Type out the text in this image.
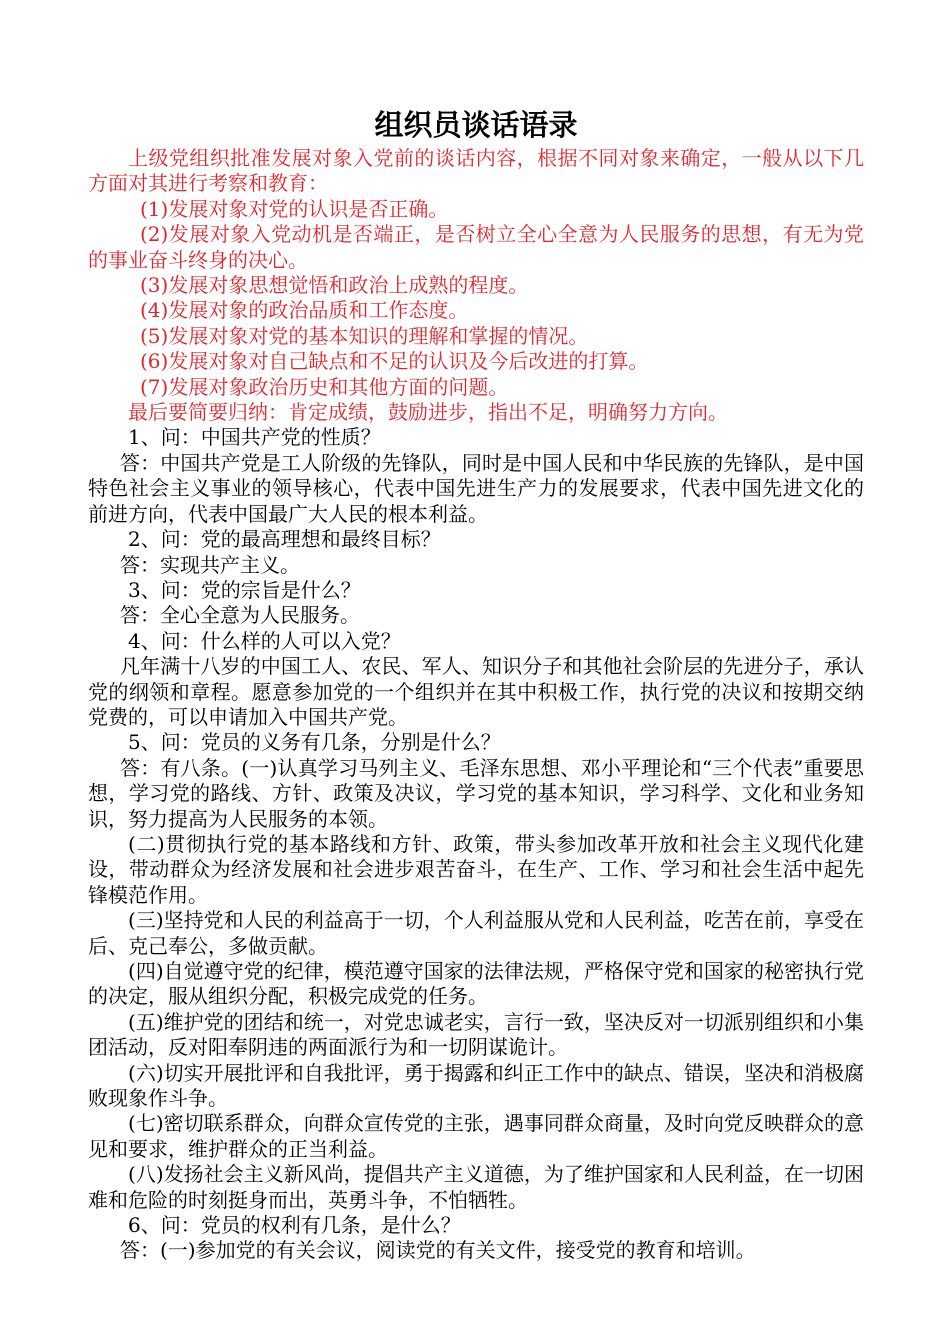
组织员谈话语录

上级党组织批准发展对象入党前的谈话内容，根据不同对象来确定，一般从以下几方面对其进行考察和教育：

(1)发展对象对党的认识是否正确。

(2)发展对象入党动机是否端正，是否树立全心全意为人民服务的思想，有无为党的事业奋斗终身的决心。

(3)发展对象思想觉悟和政治上成熟的程度。

(4)发展对象的政治品质和工作态度。

(5)发展对象对党的基本知识的理解和掌握的情况。

(6)发展对象对自己缺点和不足的认识及今后改进的打算。

(7)发展对象政治历史和其他方面的问题。

最后要简要归纳：肯定成绩，鼓励进步，指出不足，明确努力方向。

1、问：中国共产党的性质？

答：中国共产党是工人阶级的先锋队，同时是中国人民和中华民族的先锋队，是中国特色社会主义事业的领导核心，代表中国先进生产力的发展要求，代表中国先进文化的前进方向，代表中国最广大人民的根本利益。

2、问：党的最高理想和最终目标？

答：实现共产主义。

3、问：党的宗旨是什么？

答：全心全意为人民服务。

4、问：什么样的人可以入党？

凡年满十八岁的中国工人、农民、军人、知识分子和其他社会阶层的先进分子，承认党的纲领和章程。愿意参加党的一个组织并在其中积极工作，执行党的决议和按期交纳党费的，可以申请加入中国共产党。

5、问：党员的义务有几条，分别是什么？

答：有八条。(一)认真学习马列主义、毛泽东思想、邓小平理论和“三个代表”重要思想，学习党的路线、方针、政策及决议，学习党的基本知识，学习科学、文化和业务知识，努力提高为人民服务的本领。

(二)贯彻执行党的基本路线和方针、政策，带头参加改革开放和社会主义现代化建设，带动群众为经济发展和社会进步艰苦奋斗，在生产、工作、学习和社会生活中起先锋模范作用。

(三)坚持党和人民的利益高于一切，个人利益服从党和人民利益，吃苦在前，享受在后、克己奉公，多做贡献。

(四)自觉遵守党的纪律，模范遵守国家的法律法规，严格保守党和国家的秘密执行党的决定，服从组织分配，积极完成党的任务。

(五)维护党的团结和统一，对党忠诚老实，言行一致，坚决反对一切派别组织和小集团活动，反对阳奉阴违的两面派行为和一切阴谋诡计。

(六)切实开展批评和自我批评，勇于揭露和纠正工作中的缺点、错误，坚决和消极腐败现象作斗争。

(七)密切联系群众，向群众宣传党的主张，遇事同群众商量，及时向党反映群众的意见和要求，维护群众的正当利益。

(八)发扬社会主义新风尚，提倡共产主义道德，为了维护国家和人民利益，在一切困难和危险的时刻挺身而出，英勇斗争，不怕牺牲。

6、问：党员的权利有几条，是什么？

答：(一)参加党的有关会议，阅读党的有关文件，接受党的教育和培训。
